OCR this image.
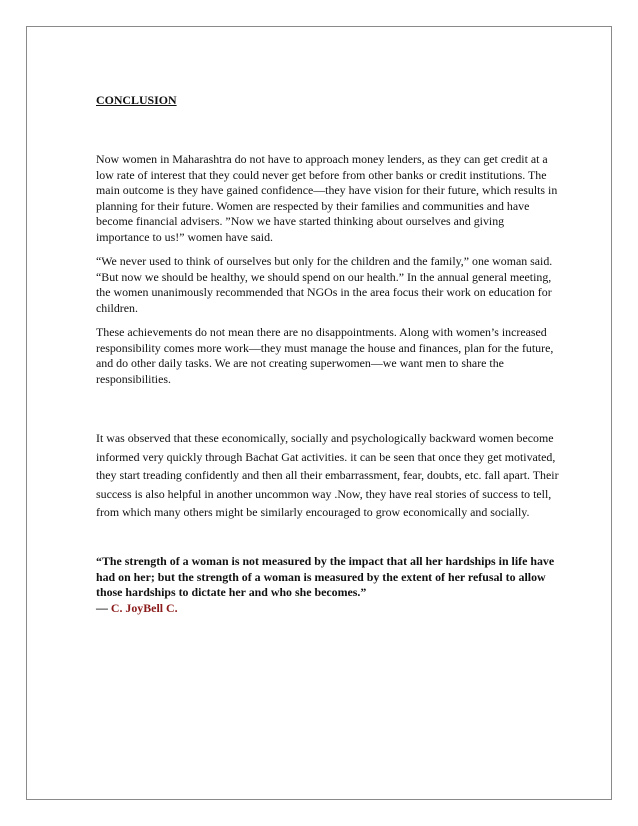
CONCLUSION
Now women in Maharashtra do not have to approach money lenders, as they can get credit at a
low rate of interest that they could never get before from other banks or credit institutions. The
main outcome is they have gained confidence—they have vision for their future, which results in
planning for their future. Women are respected by their families and communities and have
become financial advisers. ”Now we have started thinking about ourselves and giving
importance to us!” women have said.
“We never used to think of ourselves but only for the children and the family,” one woman said.
“But now we should be healthy, we should spend on our health.” In the annual general meeting,
the women unanimously recommended that NGOs in the area focus their work on education for
children.
These achievements do not mean there are no disappointments. Along with women’s increased
responsibility comes more work—they must manage the house and finances, plan for the future,
and do other daily tasks. We are not creating superwomen—we want men to share the
responsibilities.
It was observed that these economically, socially and psychologically backward women become
informed very quickly through Bachat Gat activities. it can be seen that once they get motivated,
they start treading confidently and then all their embarrassment, fear, doubts, etc. fall apart. Their
success is also helpful in another uncommon way .Now, they have real stories of success to tell,
from which many others might be similarly encouraged to grow economically and socially.
“The strength of a woman is not measured by the impact that all her hardships in life have
had on her; but the strength of a woman is measured by the extent of her refusal to allow
those hardships to dictate her and who she becomes.”
— C. JoyBell C.
